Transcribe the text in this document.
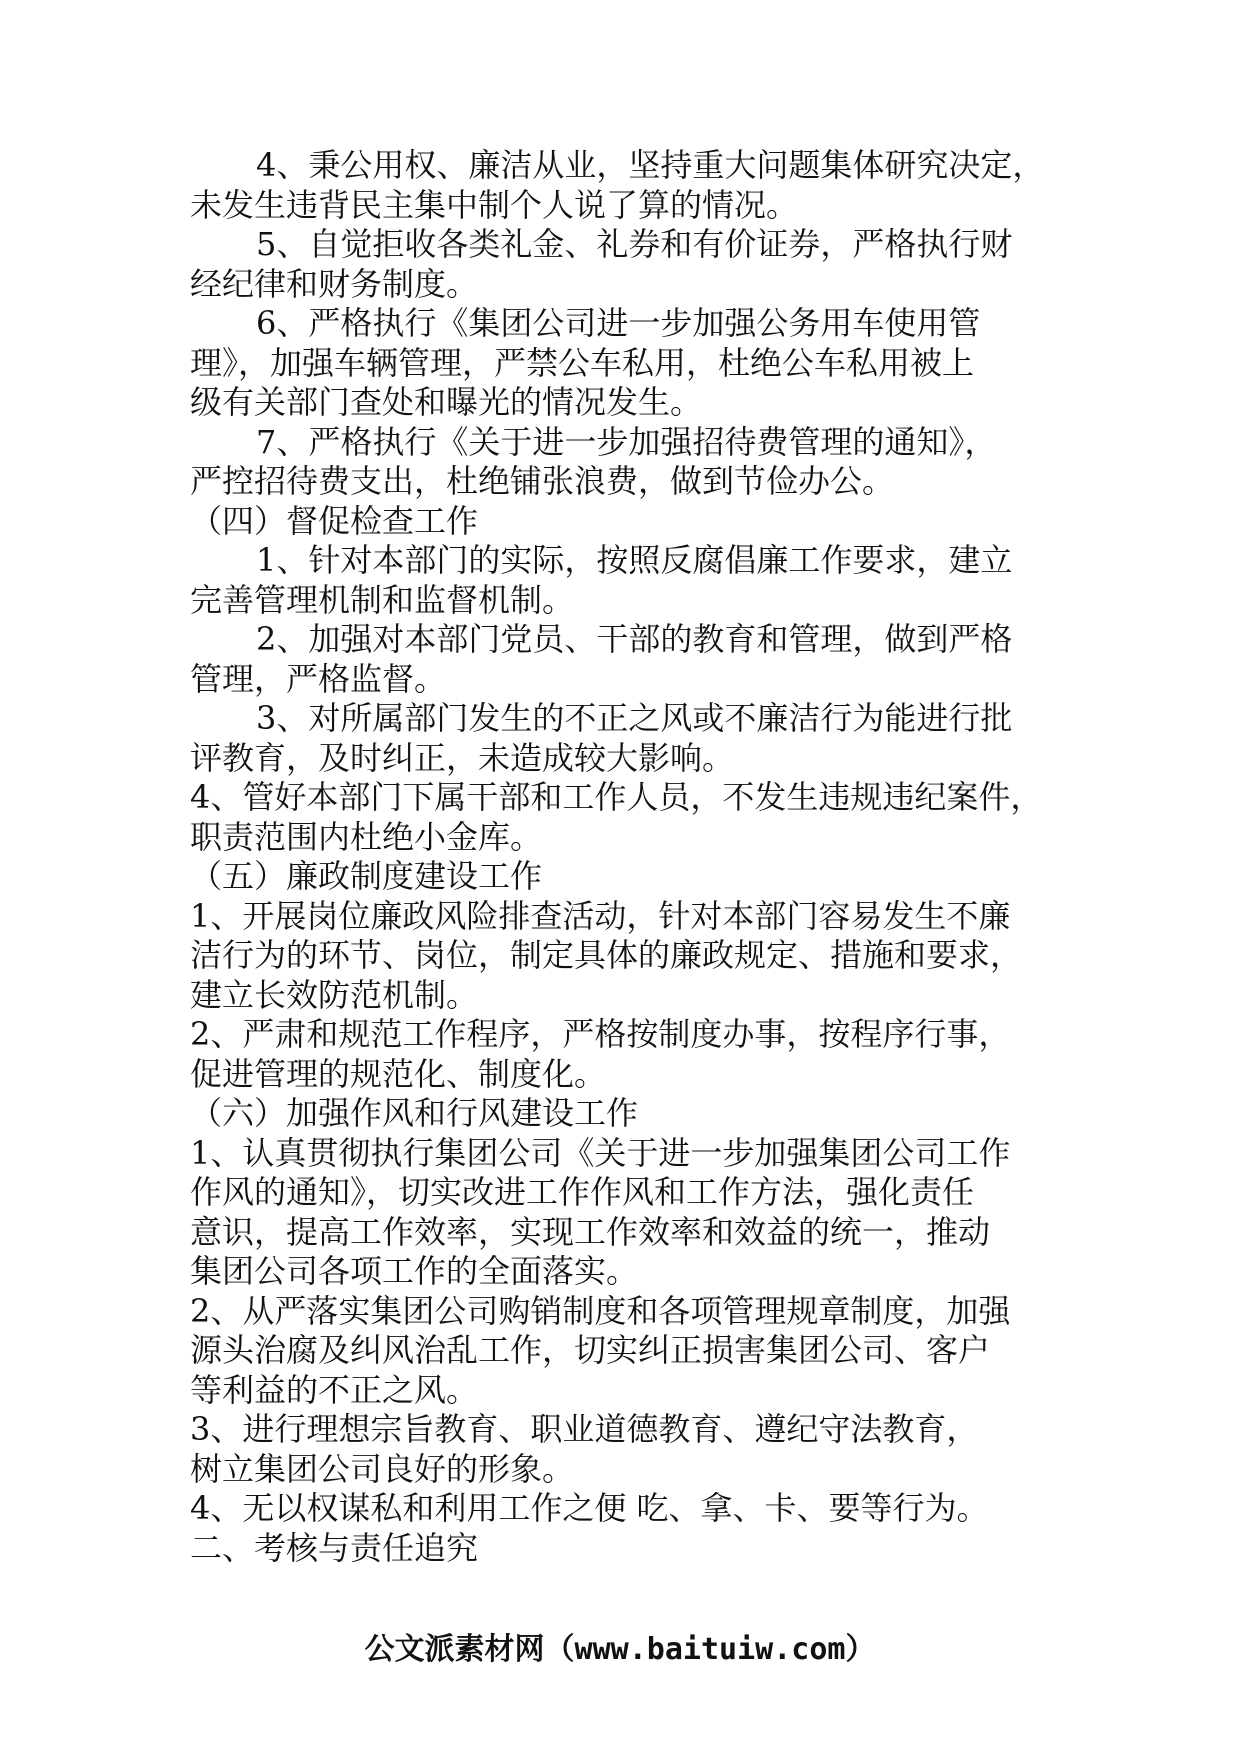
4、秉公用权、廉洁从业，坚持重大问题集体研究决定，
未发生违背民主集中制个人说了算的情况。
5、自觉拒收各类礼金、礼券和有价证券，严格执行财
经纪律和财务制度。
6、严格执行《集团公司进一步加强公务用车使用管
理》，加强车辆管理，严禁公车私用，杜绝公车私用被上
级有关部门查处和曝光的情况发生。
7、严格执行《关于进一步加强招待费管理的通知》，
严控招待费支出，杜绝铺张浪费，做到节俭办公。
（四）督促检查工作
1、针对本部门的实际，按照反腐倡廉工作要求，建立
完善管理机制和监督机制。
2、加强对本部门党员、干部的教育和管理，做到严格
管理，严格监督。
3、对所属部门发生的不正之风或不廉洁行为能进行批
评教育，及时纠正，未造成较大影响。
4、管好本部门下属干部和工作人员，不发生违规违纪案件，
职责范围内杜绝小金库。
（五）廉政制度建设工作
1、开展岗位廉政风险排查活动，针对本部门容易发生不廉
洁行为的环节、岗位，制定具体的廉政规定、措施和要求，
建立长效防范机制。
2、严肃和规范工作程序，严格按制度办事，按程序行事，
促进管理的规范化、制度化。
（六）加强作风和行风建设工作
1、认真贯彻执行集团公司《关于进一步加强集团公司工作
作风的通知》，切实改进工作作风和工作方法，强化责任
意识，提高工作效率，实现工作效率和效益的统一，推动
集团公司各项工作的全面落实。
2、从严落实集团公司购销制度和各项管理规章制度，加强
源头治腐及纠风治乱工作，切实纠正损害集团公司、客户
等利益的不正之风。
3、进行理想宗旨教育、职业道德教育、遵纪守法教育，
树立集团公司良好的形象。
4、无以权谋私和利用工作之便 吃、拿、卡、要等行为。
二、考核与责任追究
公文派素材网（www.baituiw.com）
